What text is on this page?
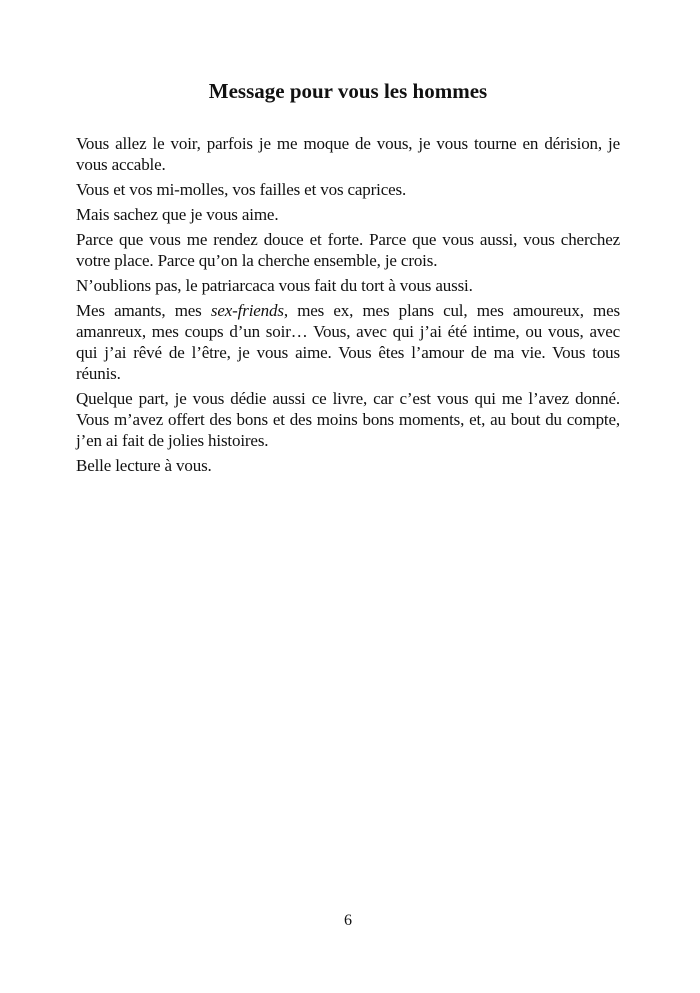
Message pour vous les hommes

Vous allez le voir, parfois je me moque de vous, je vous tourne en dérision, je vous accable.

Vous et vos mi-molles, vos failles et vos caprices.

Mais sachez que je vous aime.

Parce que vous me rendez douce et forte. Parce que vous aussi, vous cherchez votre place. Parce qu’on la cherche ensemble, je crois.

N’oublions pas, le patriarcaca vous fait du tort à vous aussi.

Mes amants, mes sex-friends, mes ex, mes plans cul, mes amoureux, mes amanreux, mes coups d’un soir… Vous, avec qui j’ai été intime, ou vous, avec qui j’ai rêvé de l’être, je vous aime. Vous êtes l’amour de ma vie. Vous tous réunis.

Quelque part, je vous dédie aussi ce livre, car c’est vous qui me l’avez donné. Vous m’avez offert des bons et des moins bons moments, et, au bout du compte, j’en ai fait de jolies histoires.

Belle lecture à vous.

6
